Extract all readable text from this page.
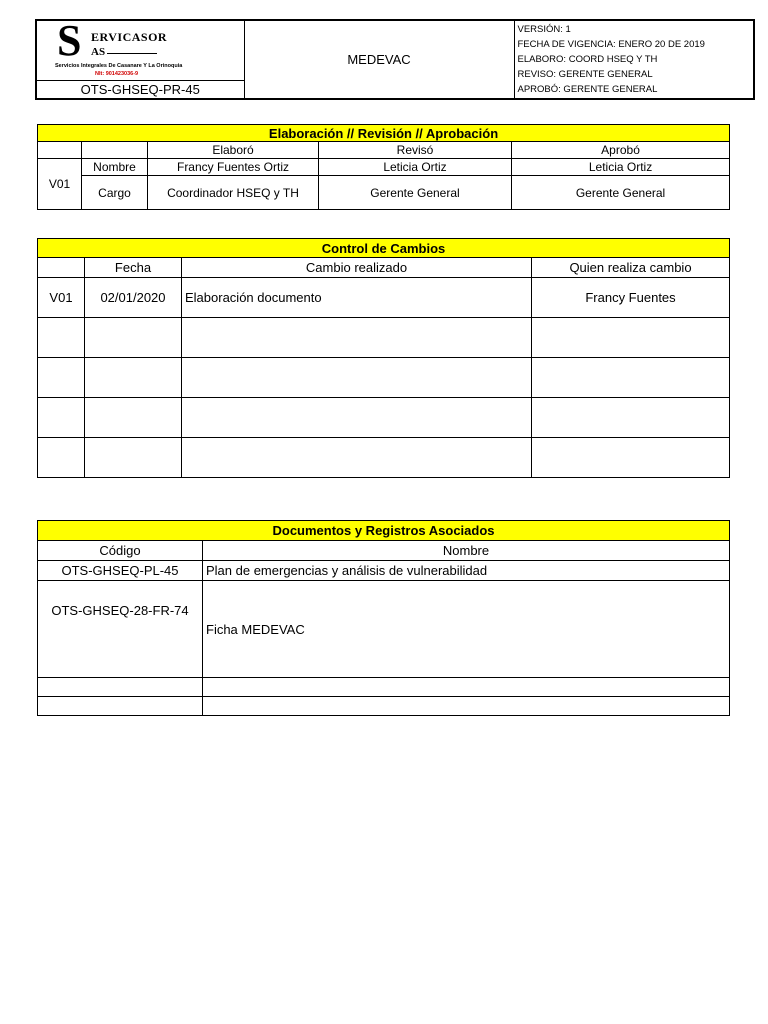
S ERVICASOR
AS
Servicios Integrales De Casanare Y La Orinoquia
NIt: 901423036-9
	MEDEVAC	
VERSIÓN: 1
FECHA DE VIGENCIA: ENERO 20 DE 2019
ELABORO: COORD HSEQ Y TH
REVISO: GERENTE GENERAL
APROBÓ: GERENTE GENERAL

OTS-GHSEQ-PR-45
Elaboración // Revisión // Aprobación				
		Elaboró	Revisó	Aprobó
V01	Nombre	Francy Fuentes Ortiz	Leticia Ortiz	Leticia Ortiz
	Cargo	Coordinador HSEQ y TH	Gerente General	Gerente General
Control de Cambios			
	Fecha	Cambio realizado	Quien realiza cambio
V01	02/01/2020	Elaboración documento	Francy Fuentes

Documentos y Registros Asociados	
Código	Nombre
OTS-GHSEQ-PL-45	Plan de emergencias y análisis de vulnerabilidad
OTS-GHSEQ-28-FR-74	Ficha MEDEVAC
